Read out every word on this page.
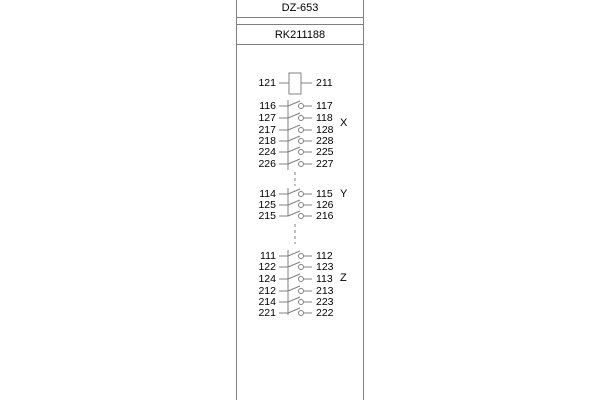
DZ-653
RK211188
121	211
X
116	117
127	118
217	128
218	228
224	225
226	227
Y
114	115
125	126
215	216
Z
111	112
122	123
124	113
212	213
214	223
221	222
